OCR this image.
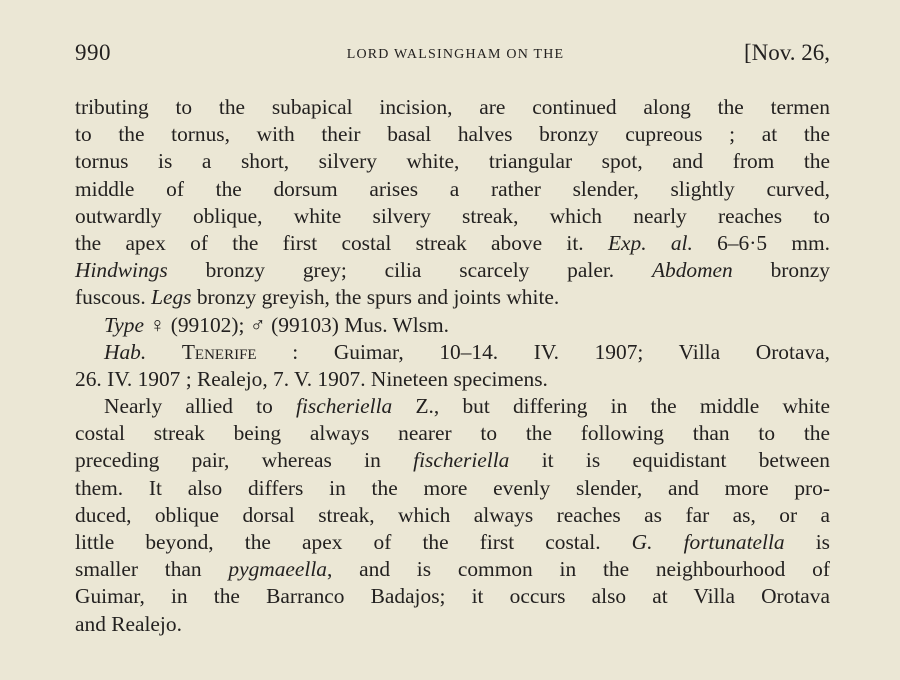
990	LORD WALSINGHAM ON THE	[Nov. 26,
tributing to the subapical incision, are continued along the termen
to the tornus, with their basal halves bronzy cupreous ; at the
tornus is a short, silvery white, triangular spot, and from the
middle of the dorsum arises a rather slender, slightly curved,
outwardly oblique, white silvery streak, which nearly reaches to
the apex of the first costal streak above it. Exp. al. 6–6·5 mm.
Hindwings bronzy grey; cilia scarcely paler. Abdomen bronzy
fuscous. Legs bronzy greyish, the spurs and joints white.
Type ♀ (99102); ♂ (99103) Mus. Wlsm.
Hab. Tenerife : Guimar, 10–14. IV. 1907; Villa Orotava,
26. IV. 1907 ; Realejo, 7. V. 1907. Nineteen specimens.
Nearly allied to fischeriella Z., but differing in the middle white
costal streak being always nearer to the following than to the
preceding pair, whereas in fischeriella it is equidistant between
them. It also differs in the more evenly slender, and more pro-
duced, oblique dorsal streak, which always reaches as far as, or a
little beyond, the apex of the first costal. G. fortunatella is
smaller than pygmaeella, and is common in the neighbourhood of
Guimar, in the Barranco Badajos; it occurs also at Villa Orotava
and Realejo.
